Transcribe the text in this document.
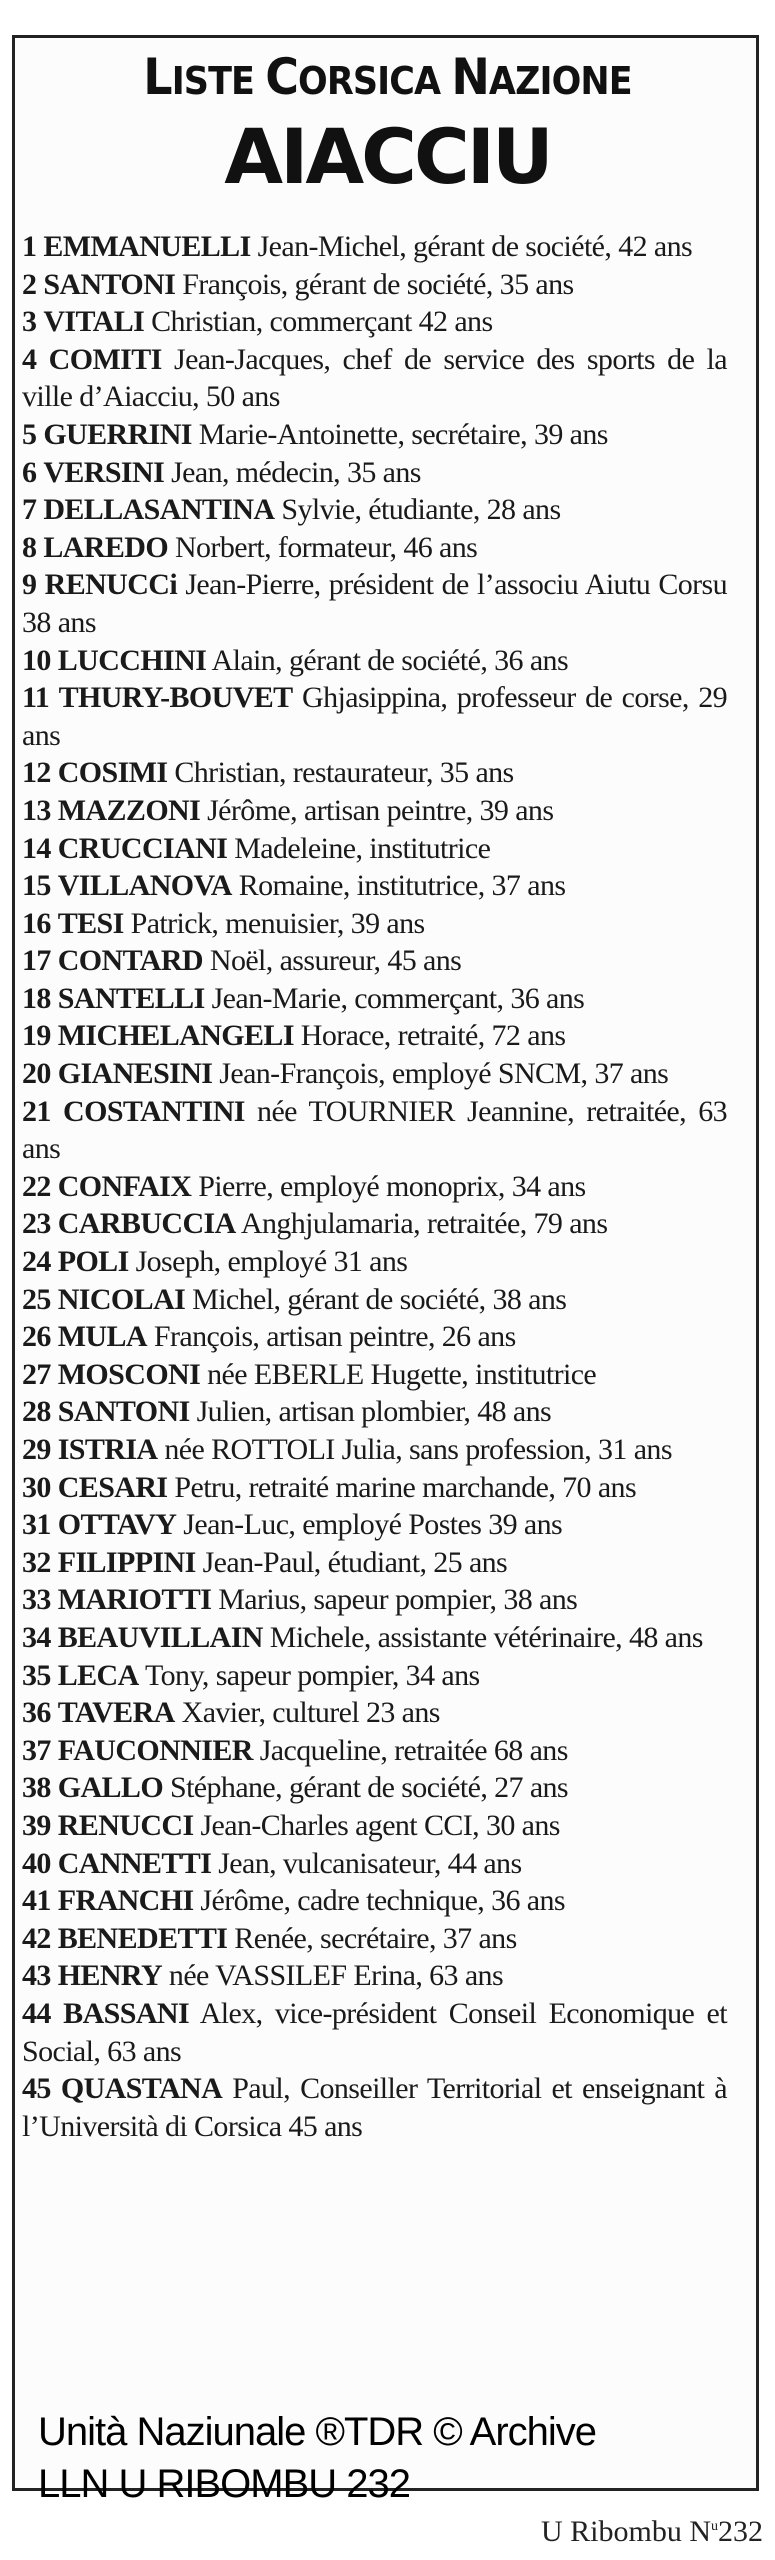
LISTE CORSICA NAZIONE
AIACCIU

1 EMMANUELLI Jean-Michel, gérant de société, 42 ans

2 SANTONI François, gérant de société, 35 ans

3 VITALI Christian, commerçant 42 ans

4 COMITI Jean-Jacques, chef de service des sports de la ville d’Aiacciu, 50 ans

5 GUERRINI Marie-Antoinette, secrétaire, 39 ans

6 VERSINI Jean, médecin, 35 ans

7 DELLASANTINA Sylvie, étudiante, 28 ans

8 LAREDO Norbert, formateur, 46 ans

9 RENUCCi Jean-Pierre, président de l’associu Aiutu Corsu 38 ans

10 LUCCHINI Alain, gérant de société, 36 ans

11 THURY-BOUVET Ghjasippina, professeur de corse, 29 ans

12 COSIMI Christian, restaurateur, 35 ans

13 MAZZONI Jérôme, artisan peintre, 39 ans

14 CRUCCIANI Madeleine, institutrice

15 VILLANOVA Romaine, institutrice, 37 ans

16 TESI Patrick, menuisier, 39 ans

17 CONTARD Noël, assureur, 45 ans

18 SANTELLI Jean-Marie, commerçant, 36 ans

19 MICHELANGELI Horace, retraité, 72 ans

20 GIANESINI Jean-François, employé SNCM, 37 ans

21 COSTANTINI née TOURNIER Jeannine, retraitée, 63 ans

22 CONFAIX Pierre, employé monoprix, 34 ans

23 CARBUCCIA Anghjulamaria, retraitée, 79 ans

24 POLI Joseph, employé 31 ans

25 NICOLAI Michel, gérant de société, 38 ans

26 MULA François, artisan peintre, 26 ans

27 MOSCONI née EBERLE Hugette, institutrice

28 SANTONI Julien, artisan plombier, 48 ans

29 ISTRIA née ROTTOLI Julia, sans profession, 31 ans

30 CESARI Petru, retraité marine marchande, 70 ans

31 OTTAVY Jean-Luc, employé Postes 39 ans

32 FILIPPINI Jean-Paul, étudiant, 25 ans

33 MARIOTTI Marius, sapeur pompier, 38 ans

34 BEAUVILLAIN Michele, assistante vétérinaire, 48 ans

35 LECA Tony, sapeur pompier, 34 ans

36 TAVERA Xavier, culturel 23 ans

37 FAUCONNIER Jacqueline, retraitée 68 ans

38 GALLO Stéphane, gérant de société, 27 ans

39 RENUCCI Jean-Charles agent CCI, 30 ans

40 CANNETTI Jean, vulcanisateur, 44 ans

41 FRANCHI Jérôme, cadre technique, 36 ans

42 BENEDETTI Renée, secrétaire, 37 ans

43 HENRY née VASSILEF Erina, 63 ans

44 BASSANI Alex, vice-président Conseil Economique et Social, 63 ans

45 QUASTANA Paul, Conseiller Territorial et enseignant à l’Università di Corsica 45 ans

Unità Naziunale ®TDR © Archive
LLN U RIBOMBU 232
U Ribombu $N^u232$
